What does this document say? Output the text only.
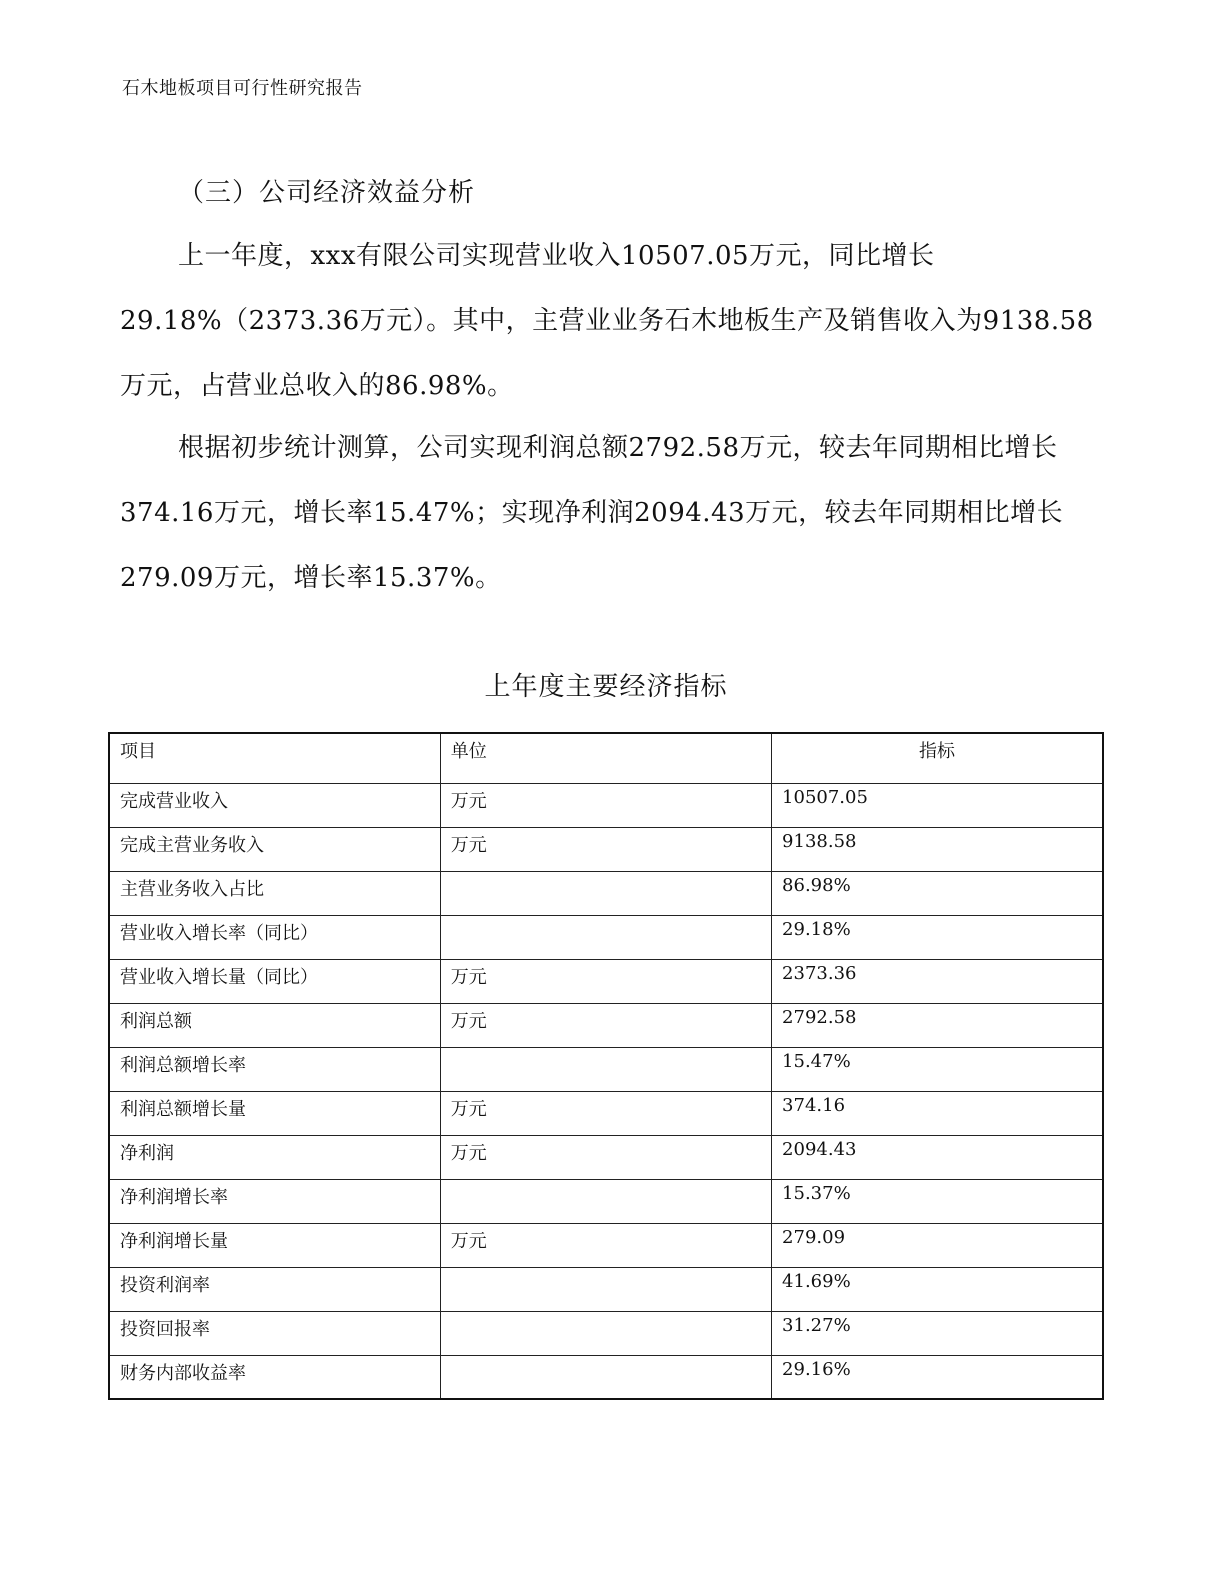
石木地板项目可行性研究报告
（三）公司经济效益分析

上一年度，xxx有限公司实现营业收入10507.05万元，同比增长29.18%（2373.36万元）。其中，主营业业务石木地板生产及销售收入为9138.58万元，占营业总收入的86.98%。

根据初步统计测算，公司实现利润总额2792.58万元，较去年同期相比增长374.16万元，增长率15.47%；实现净利润2094.43万元，较去年同期相比增长279.09万元，增长率15.37%。

上年度主要经济指标
项目	单位	指标
完成营业收入	万元	10507.05
完成主营业务收入	万元	9138.58
主营业务收入占比		86.98%
营业收入增长率（同比）		29.18%
营业收入增长量（同比）	万元	2373.36
利润总额	万元	2792.58
利润总额增长率		15.47%
利润总额增长量	万元	374.16
净利润	万元	2094.43
净利润增长率		15.37%
净利润增长量	万元	279.09
投资利润率		41.69%
投资回报率		31.27%
财务内部收益率		29.16%
